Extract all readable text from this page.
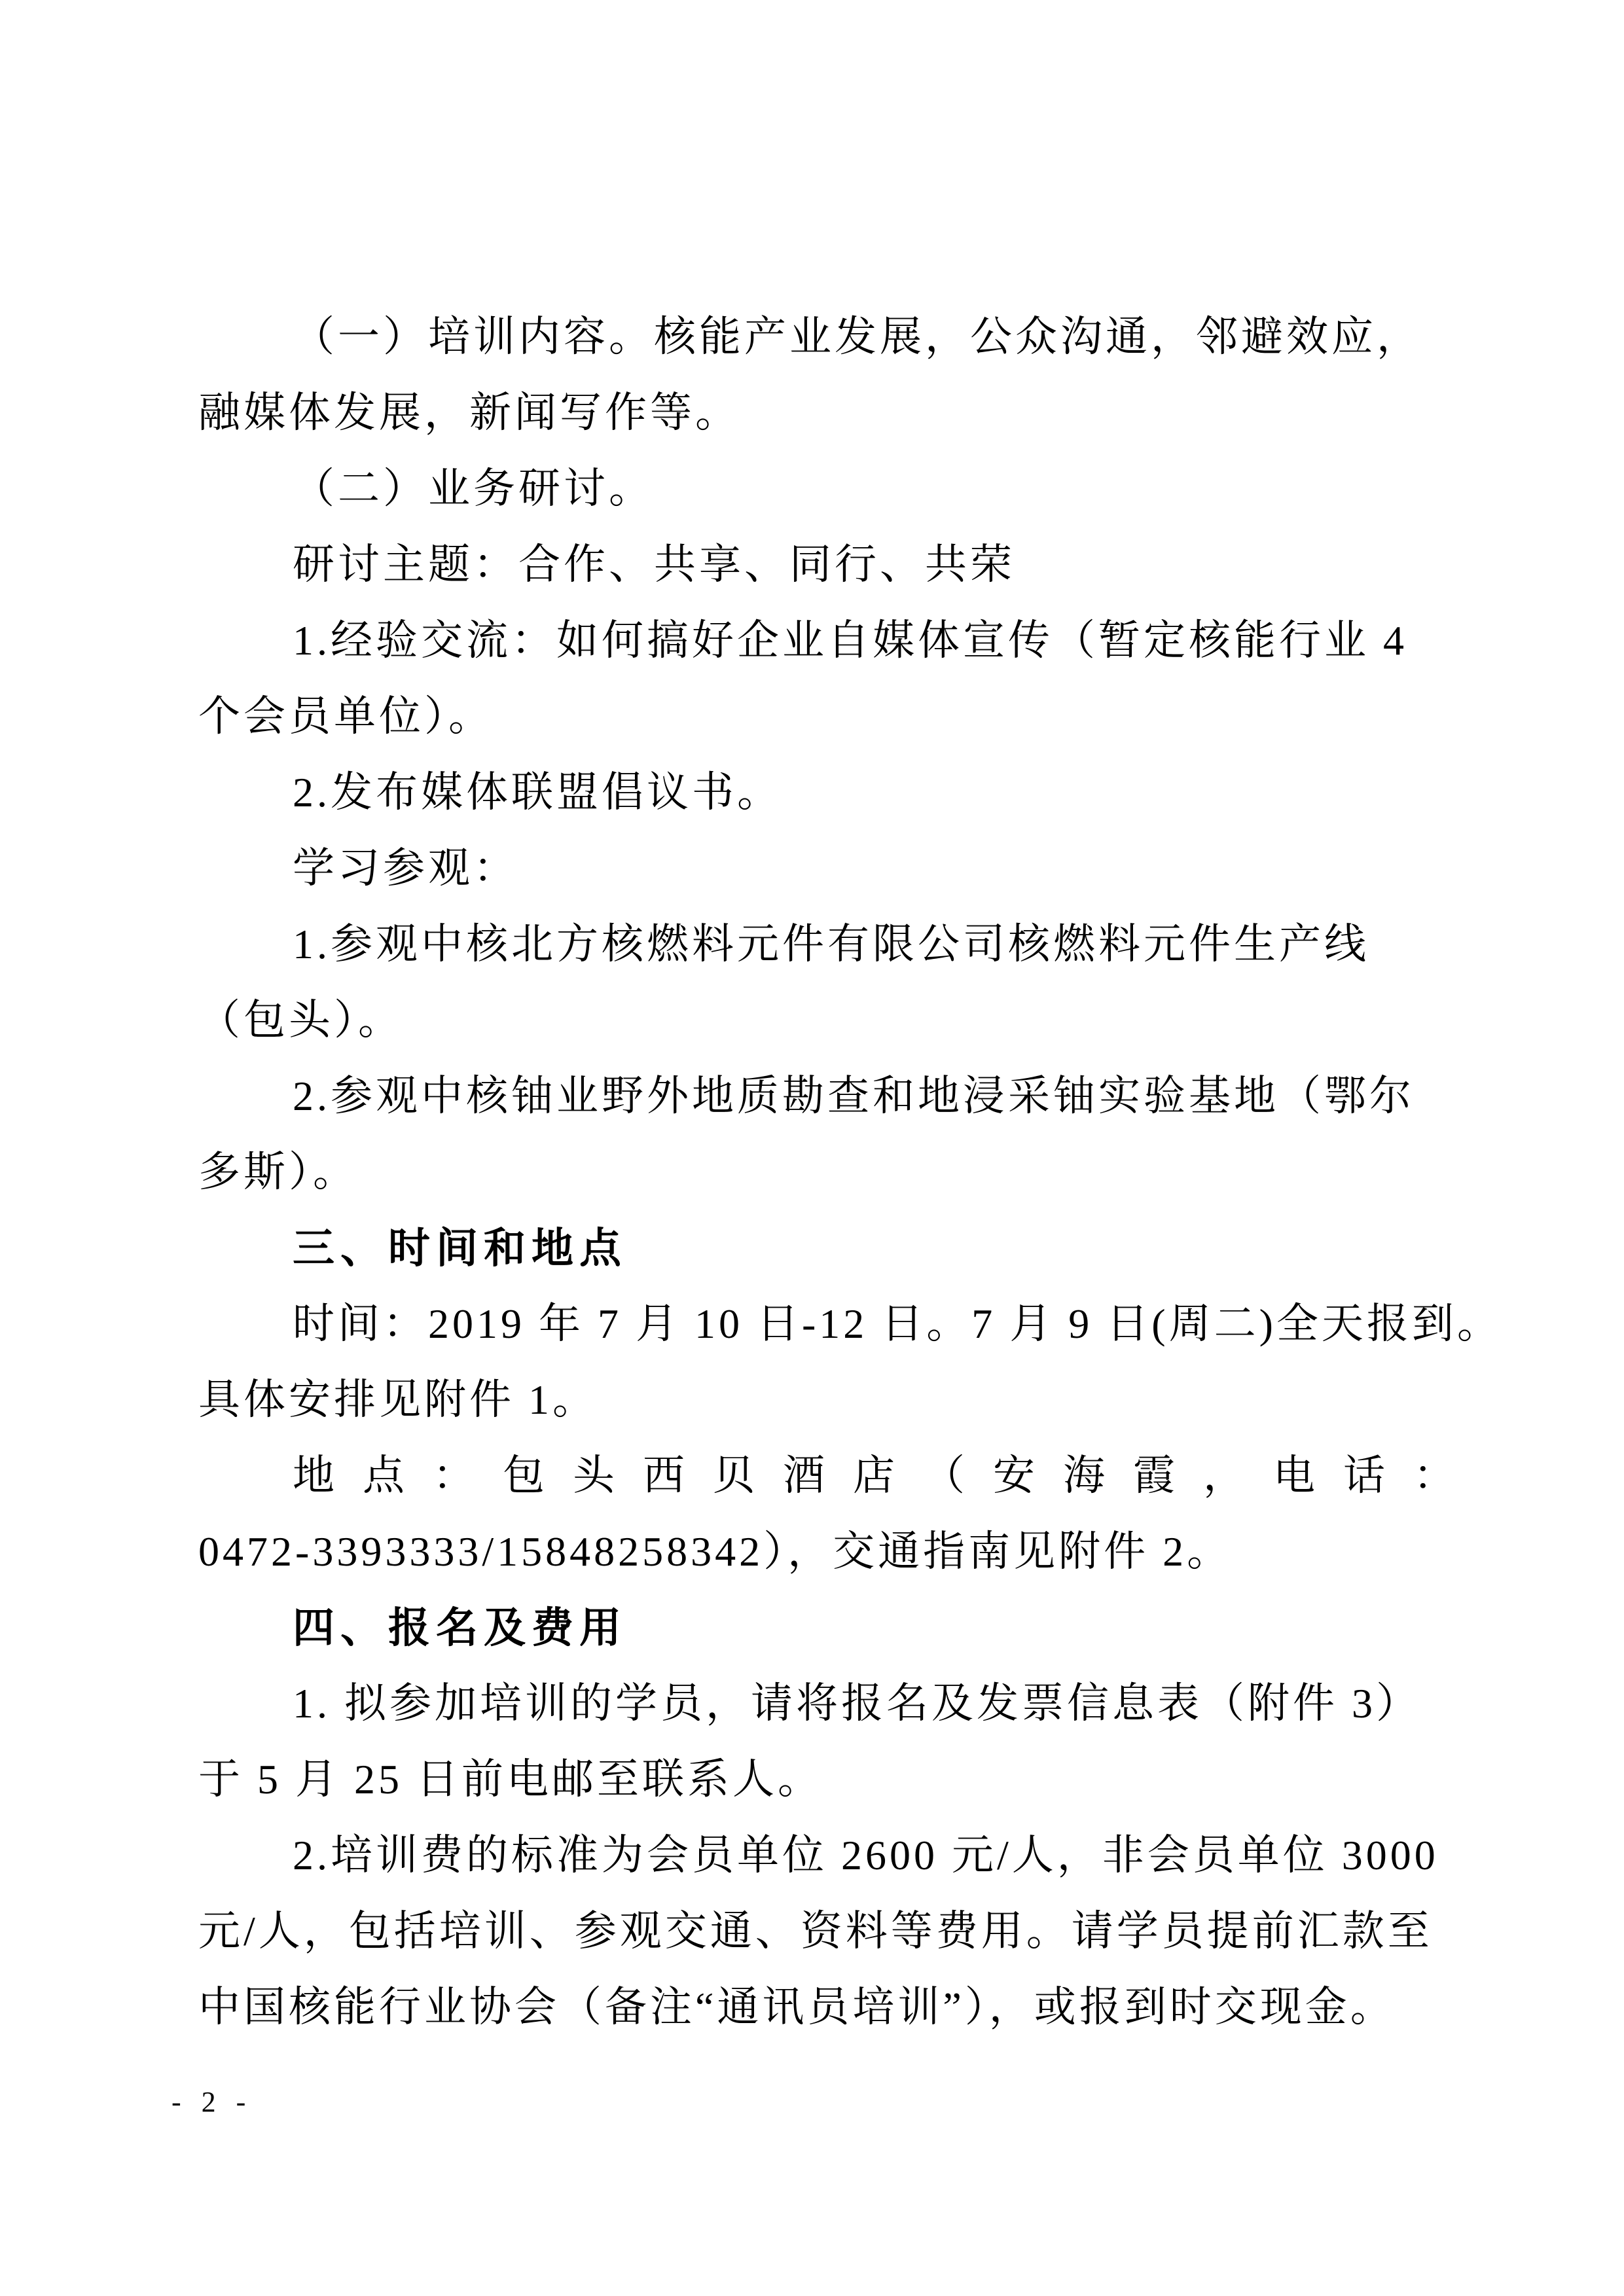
（一）培训内容。核能产业发展，公众沟通，邻避效应，
融媒体发展，新闻写作等。
（二）业务研讨。
研讨主题：合作、共享、同行、共荣
1.经验交流：如何搞好企业自媒体宣传（暂定核能行业 4
个会员单位）。
2.发布媒体联盟倡议书。
学习参观：
1.参观中核北方核燃料元件有限公司核燃料元件生产线
（包头）。
2.参观中核铀业野外地质勘查和地浸采铀实验基地（鄂尔
多斯）。
三、时间和地点
时间：2019 年 7 月 10 日-12 日。7 月 9 日(周二)全天报到。
具体安排见附件 1。
地点：包头西贝酒店（安海霞，电话：
0472-3393333/15848258342），交通指南见附件 2。
四、报名及费用
1. 拟参加培训的学员，请将报名及发票信息表（附件 3）
于 5 月 25 日前电邮至联系人。
2.培训费的标准为会员单位 2600 元/人，非会员单位 3000
元/人，包括培训、参观交通、资料等费用。请学员提前汇款至
中国核能行业协会（备注“通讯员培训”），或报到时交现金。
- 2 -
